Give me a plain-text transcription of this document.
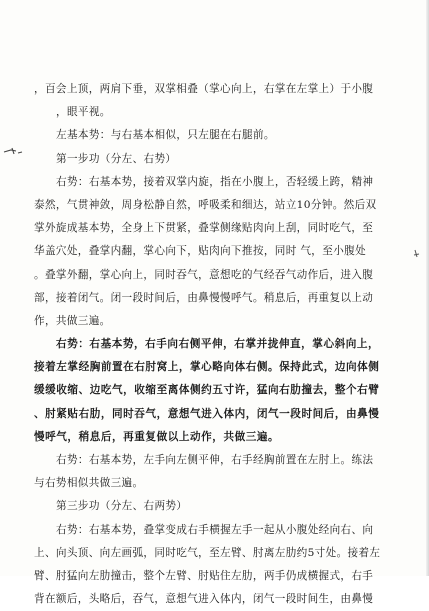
，百会上顶，两肩下垂，双掌相叠（掌心向上，右掌在左掌上）于小腹
，眼平视。
左基本势：与右基本相似，只左腿在右腿前。
第一步功（分左、右势）
右势：右基本势，接着双掌内旋，指在小腹上，否轻缓上跨，精神
泰然，气贯神敛，周身松静自然，呼吸柔和细达，站立10分钟。然后双
掌外旋成基本势，全身上下贯紧，叠掌侧缘贴肉向上刮，同时吃气，至
华盖穴处，叠掌内翻，掌心向下，贴肉向下推按，同时 气，至小腹处
。叠掌外翻，掌心向上，同时吞气，意想吃的气经吞气动作后，进入腹
部，接着闭气。闭一段时间后，由鼻慢慢呼气。稍息后，再重复以上动
作，共做三遍。
右势：右基本势，右手向右侧平伸，右掌并拢伸直，掌心斜向上，
接着左掌经胸前置在右肘窝上，掌心略向体右侧。保持此式，边向体侧
缓缓收缩、边吃气，收缩至离体侧约五寸许，猛向右肋撞去，整个右臂
、肘紧贴右肋，同时吞气，意想气进入体内，闭气一段时间后，由鼻慢
慢呼气，稍息后，再重复做以上动作，共做三遍。
右势：右基本势，左手向左侧平伸，右手经胸前置在左肘上。练法
与右势相似共做三遍。
第三步功（分左、右两势）
右势：右基本势，叠掌变成右手横握左手一起从小腹处经向右、向
上、向头顶、向左画弧，同时吃气，至左臂、肘离左肋约5寸处。接着左
臂、肘猛向左肋撞击，整个左臂、肘贴住左肋，两手仍成横握式，右手
背在额后，头略后，吞气，意想气进入体内，闭气一段时间生，由鼻慢
